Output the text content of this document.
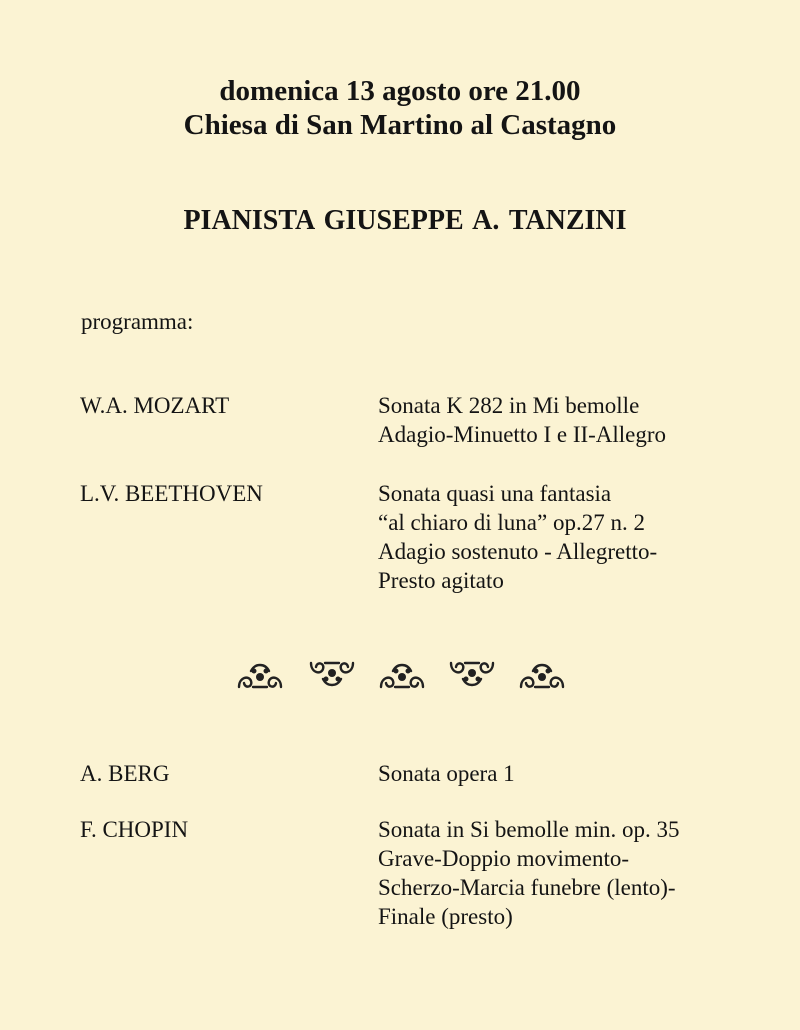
domenica 13 agosto ore 21.00
Chiesa di San Martino al Castagno
PIANISTA GIUSEPPE A. TANZINI
programma:
W.A. MOZART	Sonata K 282 in Mi bemolle
Adagio-Minuetto I e II-Allegro
L.V. BEETHOVEN	Sonata quasi una fantasia
“al chiaro di luna” op.27 n. 2
Adagio sostenuto - Allegretto-
Presto agitato
A. BERG	Sonata opera 1
F. CHOPIN	Sonata in Si bemolle min. op. 35
Grave-Doppio movimento-
Scherzo-Marcia funebre (lento)-
Finale (presto)
